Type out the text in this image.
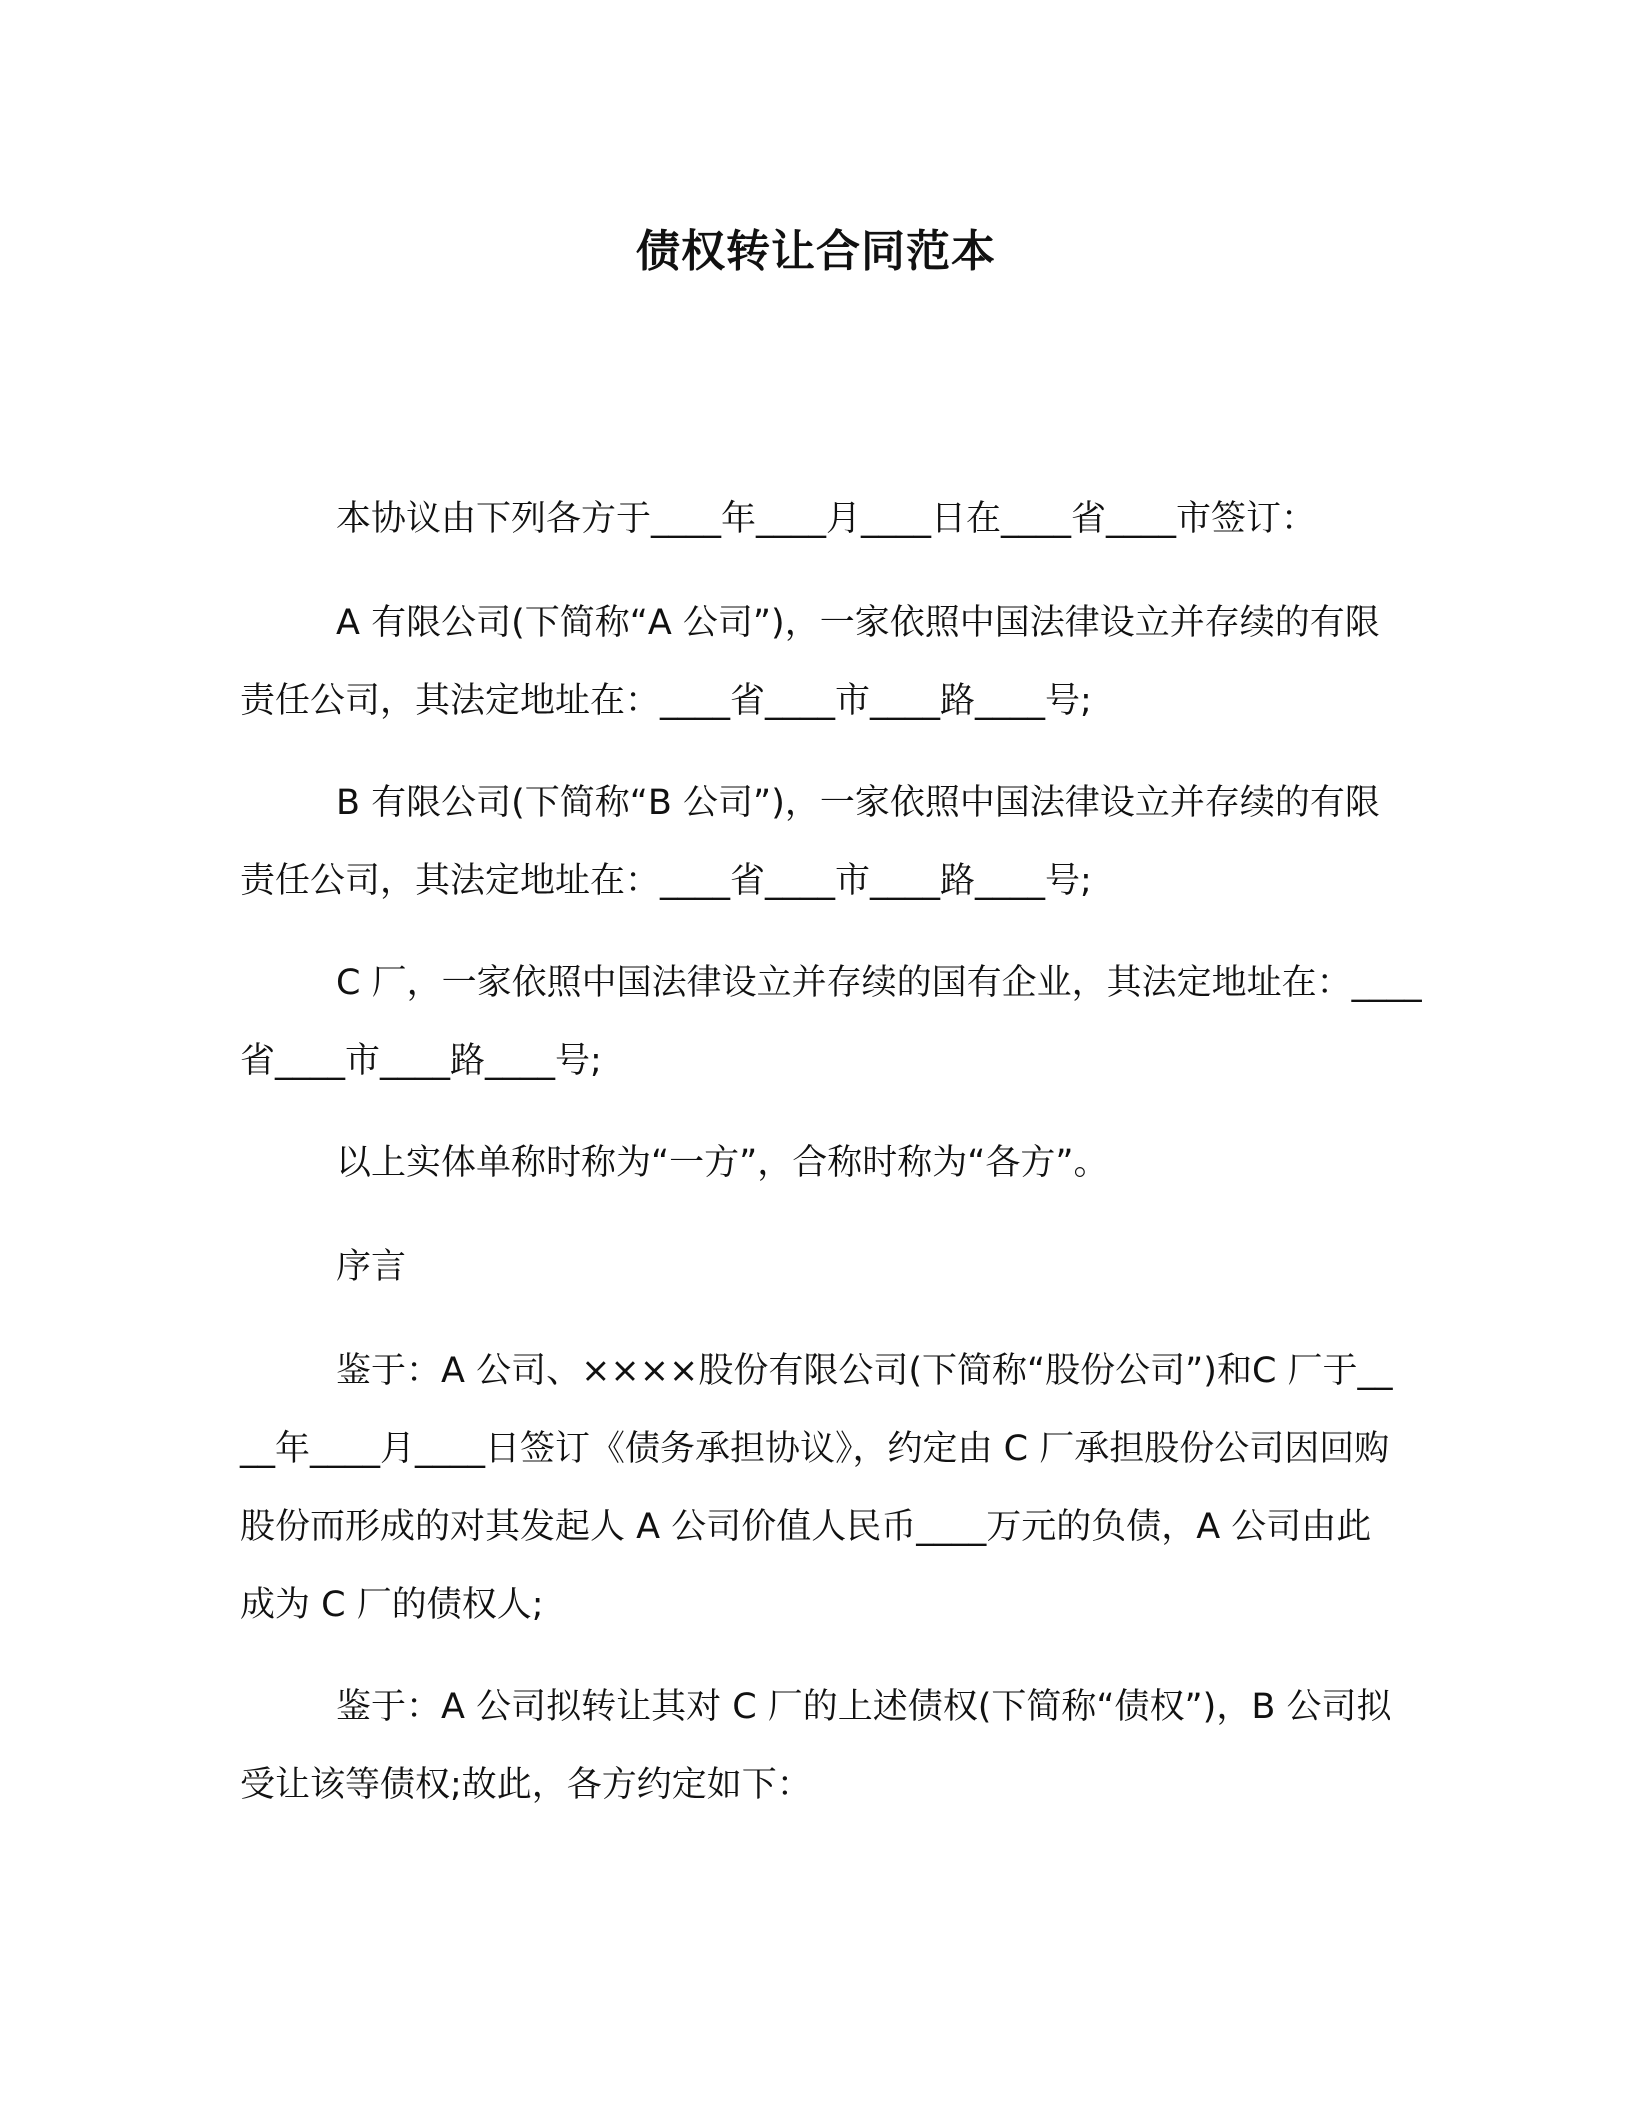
债权转让合同范本

本协议由下列各方于____年____月____日在____省____市签订：

A 有限公司(下简称“A 公司”)，一家依照中国法律设立并存续的有限责任公司，其法定地址在：____省____市____路____号;

B 有限公司(下简称“B 公司”)，一家依照中国法律设立并存续的有限责任公司，其法定地址在：____省____市____路____号;

C 厂，一家依照中国法律设立并存续的国有企业，其法定地址在：____省____市____路____号;

以上实体单称时称为“一方”，合称时称为“各方”。

序言

鉴于：A 公司、××××股份有限公司(下简称“股份公司”)和C 厂于____年____月____日签订《债务承担协议》，约定由 C 厂承担股份公司因回购股份而形成的对其发起人 A 公司价值人民币____万元的负债，A 公司由此成为 C 厂的债权人;

鉴于：A 公司拟转让其对 C 厂的上述债权(下简称“债权”)，B 公司拟受让该等债权;故此，各方约定如下：
